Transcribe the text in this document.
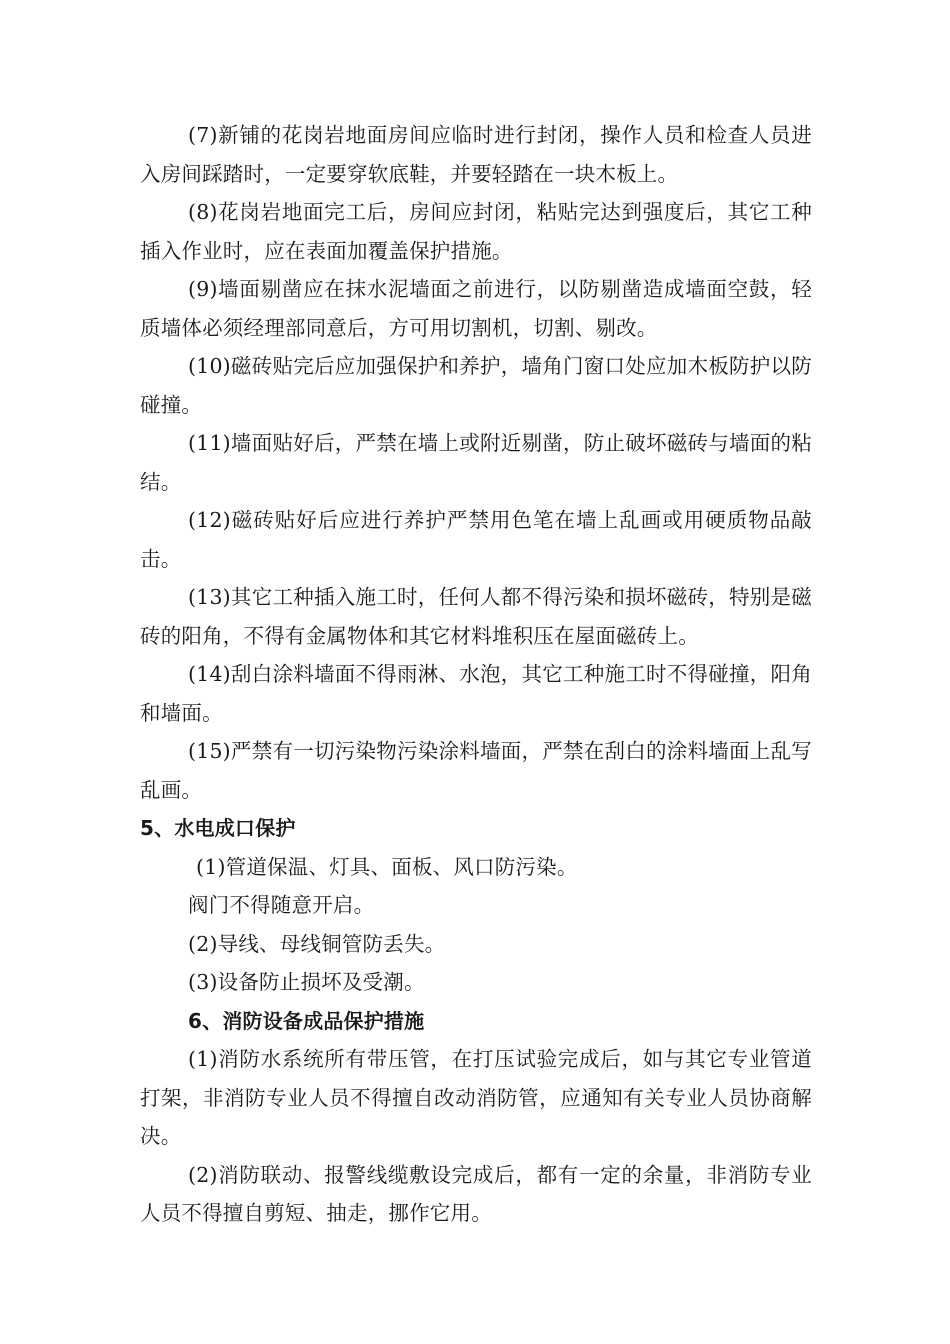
(7)新铺的花岗岩地面房间应临时进行封闭，操作人员和检查人员进入房间踩踏时，一定要穿软底鞋，并要轻踏在一块木板上。

(8)花岗岩地面完工后，房间应封闭，粘贴完达到强度后，其它工种插入作业时，应在表面加覆盖保护措施。

(9)墙面剔凿应在抹水泥墙面之前进行，以防剔凿造成墙面空鼓，轻质墙体必须经理部同意后，方可用切割机，切割、剔改。

(10)磁砖贴完后应加强保护和养护，墙角门窗口处应加木板防护以防碰撞。

(11)墙面贴好后，严禁在墙上或附近剔凿，防止破坏磁砖与墙面的粘结。

(12)磁砖贴好后应进行养护严禁用色笔在墙上乱画或用硬质物品敲击。

(13)其它工种插入施工时，任何人都不得污染和损坏磁砖，特别是磁砖的阳角，不得有金属物体和其它材料堆积压在屋面磁砖上。

(14)刮白涂料墙面不得雨淋、水泡，其它工种施工时不得碰撞，阳角和墙面。

(15)严禁有一切污染物污染涂料墙面，严禁在刮白的涂料墙面上乱写乱画。

5、水电成口保护

(1)管道保温、灯具、面板、风口防污染。

阀门不得随意开启。

(2)导线、母线铜管防丢失。

(3)设备防止损坏及受潮。

6、消防设备成品保护措施

(1)消防水系统所有带压管，在打压试验完成后，如与其它专业管道打架，非消防专业人员不得擅自改动消防管，应通知有关专业人员协商解决。

(2)消防联动、报警线缆敷设完成后，都有一定的余量，非消防专业人员不得擅自剪短、抽走，挪作它用。
